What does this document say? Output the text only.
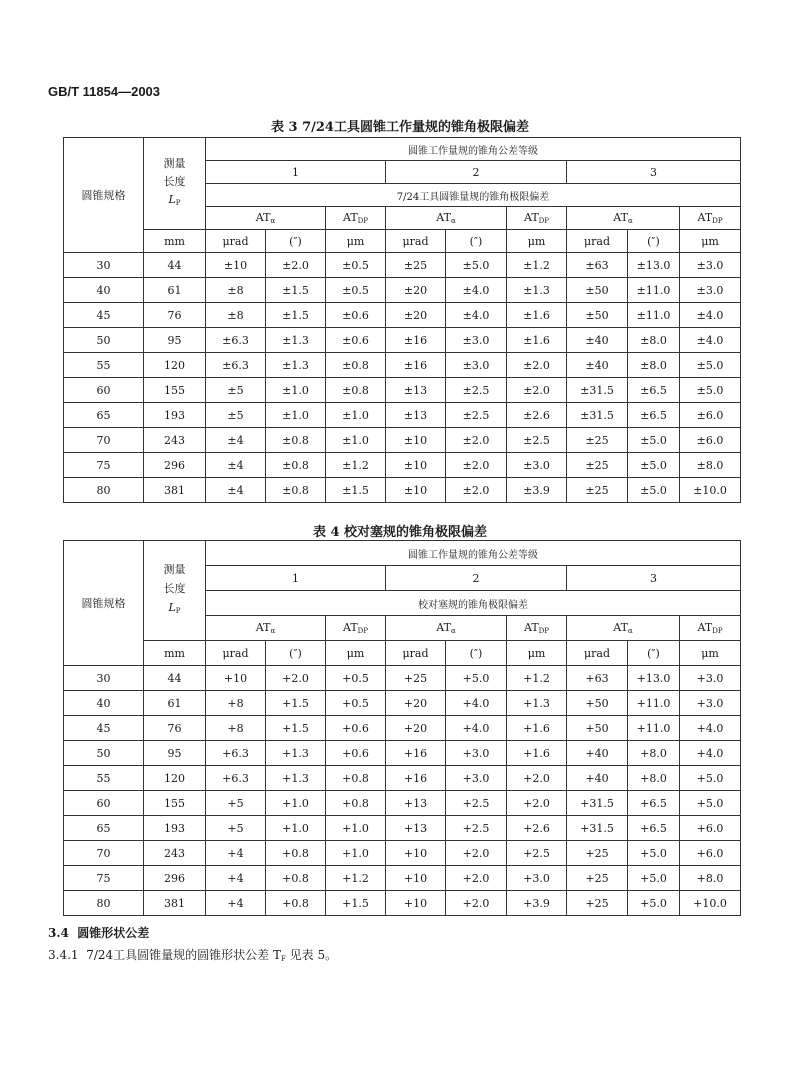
GB/T 11854—2003
表 3 7/24工具圆锥工作量规的锥角极限偏差
圆锥规格	测量
长度
$L_P$	圆锥工作量规的锥角公差等级								
		1			2			3		
		7/24工具圆锥量规的锥角极限偏差								
		$AT_\alpha$		$AT_{DP}$	$AT_\alpha$		$AT_{DP}$	$AT_\alpha$		$AT_{DP}$
	mm	μrad	(″)	μm	μrad	(″)	μm	μrad	(″)	μm
30	44	±10	±2.0	±0.5	±25	±5.0	±1.2	±63	±13.0	±3.0
40	61	±8	±1.5	±0.5	±20	±4.0	±1.3	±50	±11.0	±3.0
45	76	±8	±1.5	±0.6	±20	±4.0	±1.6	±50	±11.0	±4.0
50	95	±6.3	±1.3	±0.6	±16	±3.0	±1.6	±40	±8.0	±4.0
55	120	±6.3	±1.3	±0.8	±16	±3.0	±2.0	±40	±8.0	±5.0
60	155	±5	±1.0	±0.8	±13	±2.5	±2.0	±31.5	±6.5	±5.0
65	193	±5	±1.0	±1.0	±13	±2.5	±2.6	±31.5	±6.5	±6.0
70	243	±4	±0.8	±1.0	±10	±2.0	±2.5	±25	±5.0	±6.0
75	296	±4	±0.8	±1.2	±10	±2.0	±3.0	±25	±5.0	±8.0
80	381	±4	±0.8	±1.5	±10	±2.0	±3.9	±25	±5.0	±10.0
表 4 校对塞规的锥角极限偏差
圆锥规格	测量
长度
$L_P$	圆锥工作量规的锥角公差等级								
		1			2			3		
		校对塞规的锥角极限偏差								
		$AT_\alpha$		$AT_{DP}$	$AT_\alpha$		$AT_{DP}$	$AT_\alpha$		$AT_{DP}$
	mm	μrad	(″)	μm	μrad	(″)	μm	μrad	(″)	μm
30	44	+10	+2.0	+0.5	+25	+5.0	+1.2	+63	+13.0	+3.0
40	61	+8	+1.5	+0.5	+20	+4.0	+1.3	+50	+11.0	+3.0
45	76	+8	+1.5	+0.6	+20	+4.0	+1.6	+50	+11.0	+4.0
50	95	+6.3	+1.3	+0.6	+16	+3.0	+1.6	+40	+8.0	+4.0
55	120	+6.3	+1.3	+0.8	+16	+3.0	+2.0	+40	+8.0	+5.0
60	155	+5	+1.0	+0.8	+13	+2.5	+2.0	+31.5	+6.5	+5.0
65	193	+5	+1.0	+1.0	+13	+2.5	+2.6	+31.5	+6.5	+6.0
70	243	+4	+0.8	+1.0	+10	+2.0	+2.5	+25	+5.0	+6.0
75	296	+4	+0.8	+1.2	+10	+2.0	+3.0	+25	+5.0	+8.0
80	381	+4	+0.8	+1.5	+10	+2.0	+3.9	+25	+5.0	+10.0
3.4 圆锥形状公差
3.4.1 7/24工具圆锥量规的圆锥形状公差 $T_F$ 见表 5。
